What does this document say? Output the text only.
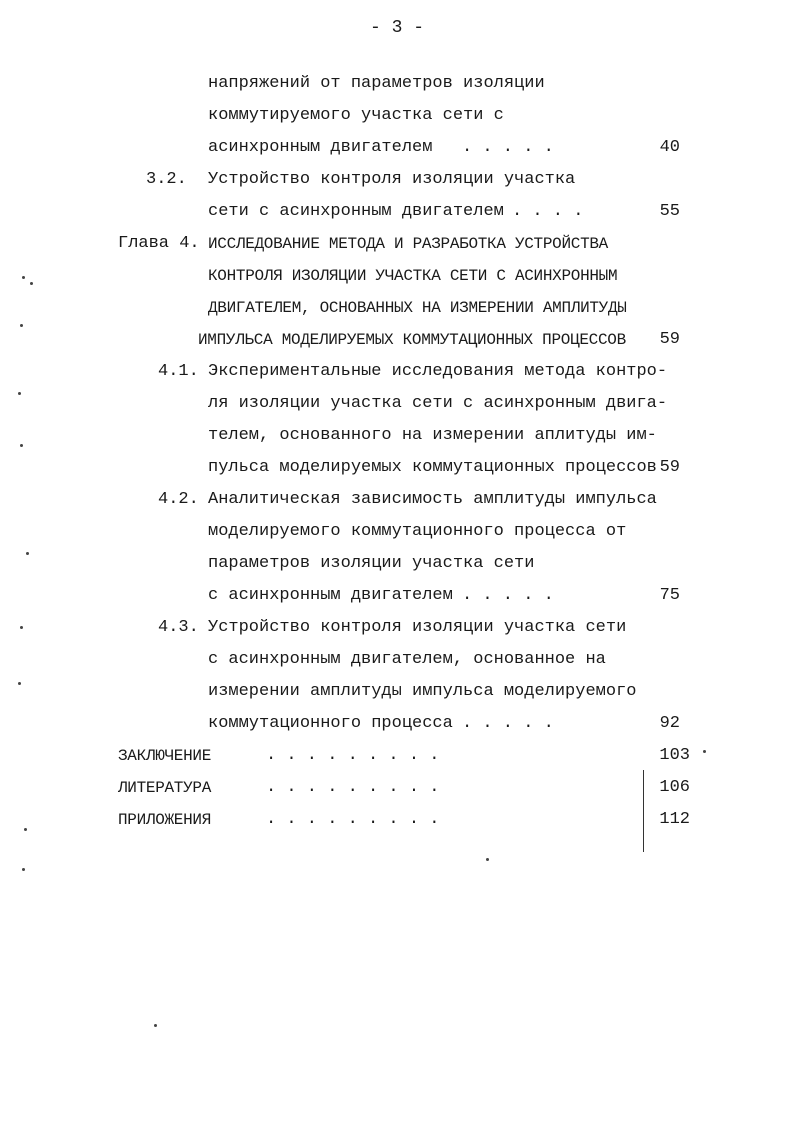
- 3 -
напряжений от параметров изоляции
коммутируемого участка сети с
асинхронным двигателем . . . . .	40
3.2. Устройство контроля изоляции участка
сети с асинхронным двигателем . . . .	55
Глава 4. ИССЛЕДОВАНИЕ МЕТОДА И РАЗРАБОТКА УСТРОЙСТВА
КОНТРОЛЯ ИЗОЛЯЦИИ УЧАСТКА СЕТИ С АСИНХРОННЫМ
ДВИГАТЕЛЕМ, ОСНОВАННЫХ НА ИЗМЕРЕНИИ АМПЛИТУДЫ
ИМПУЛЬСА МОДЕЛИРУЕМЫХ КОММУТАЦИОННЫХ ПРОЦЕССОВ	59
4.1. Экспериментальные исследования метода контро-
ля изоляции участка сети с асинхронным двига-
телем, основанного на измерении аплитуды им-
пульса моделируемых коммутационных процессов 59
4.2. Аналитическая зависимость амплитуды импульса
моделируемого коммутационного процесса от
параметров изоляции участка сети
с асинхронным двигателем . . . . .	75
4.3. Устройство контроля изоляции участка сети
с асинхронным двигателем, основанное на
измерении амплитуды импульса моделируемого
коммутационного процесса . . . . .	92
ЗАКЛЮЧЕНИЕ	. . . . . . . . .	103
ЛИТЕРАТУРА	. . . . . . . . .	106
ПРИЛОЖЕНИЯ	. . . . . . . . .	112
